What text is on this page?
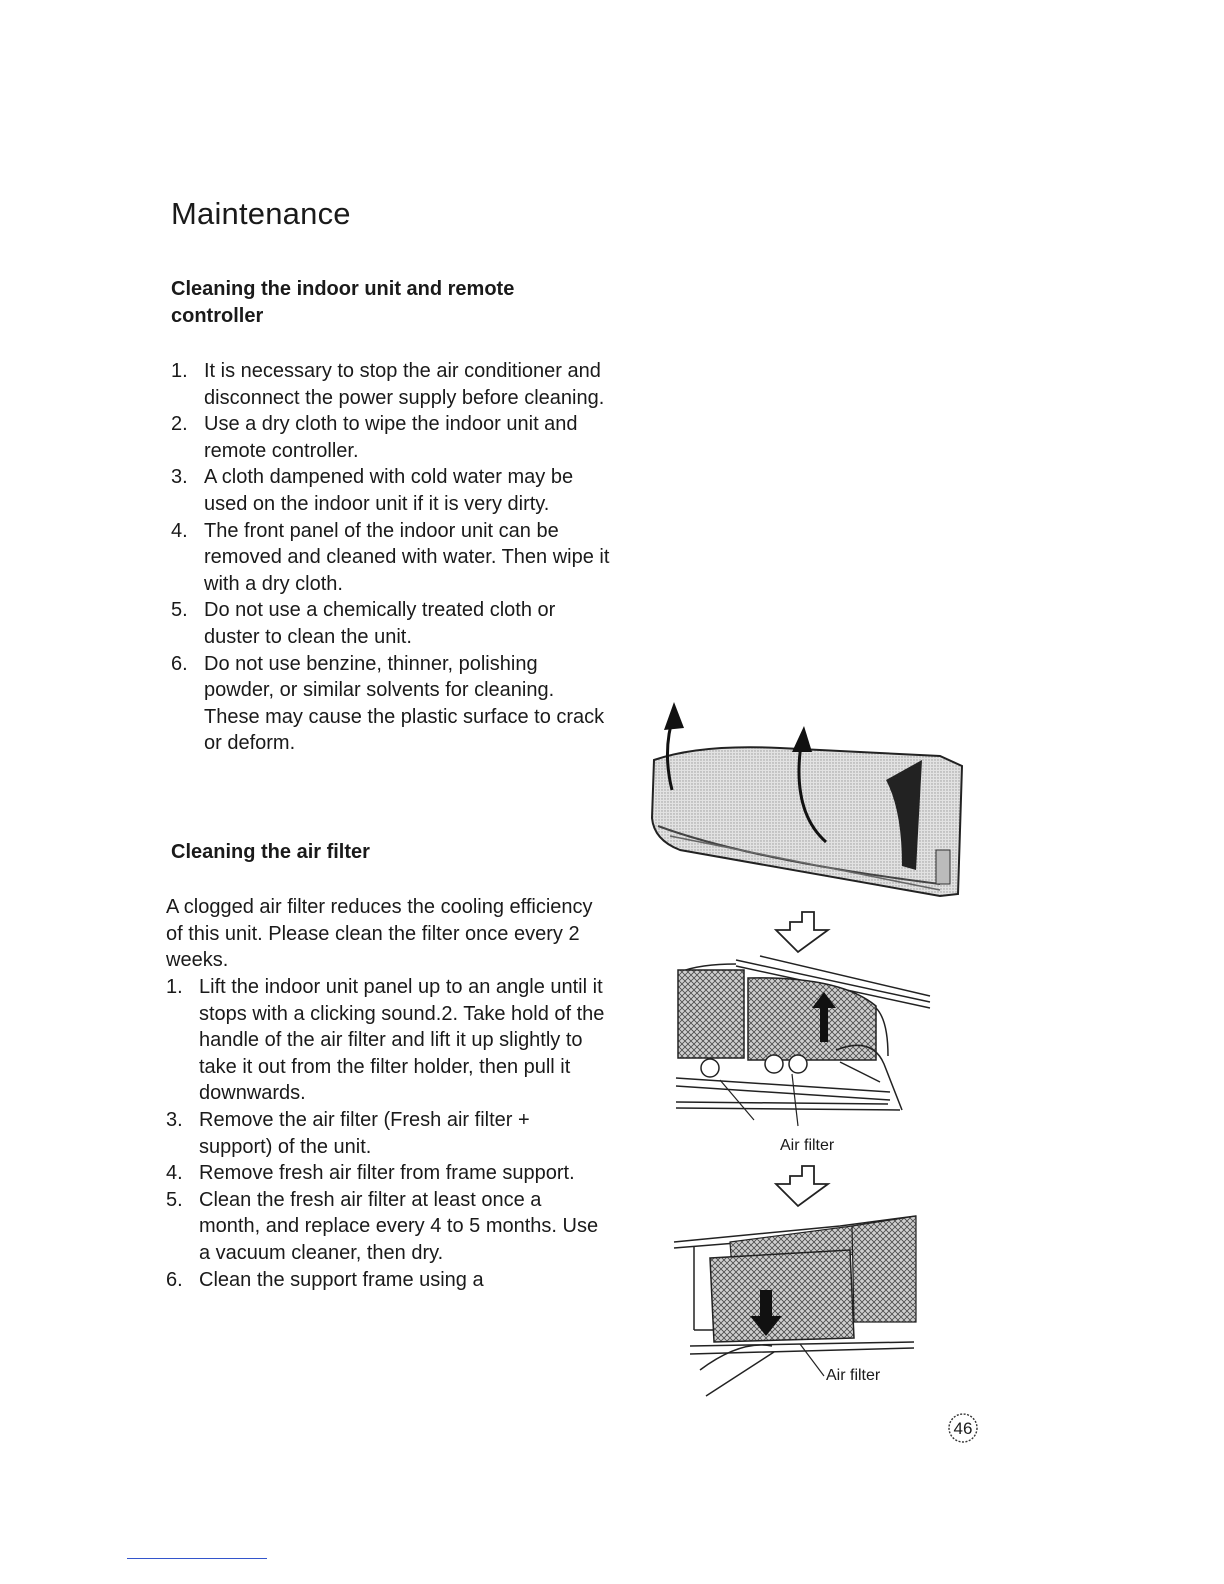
Maintenance
Cleaning the indoor unit and remote controller
1. It is necessary to stop the air conditioner and disconnect the power supply before cleaning.
2. Use a dry cloth to wipe the indoor unit and remote controller.
3. A cloth dampened with cold water may be used on the indoor unit if it is very dirty.
4. The front panel of the indoor unit can be removed and cleaned with water. Then wipe it with a dry cloth.
5. Do not use a chemically treated cloth or duster to clean the unit.
6. Do not use benzine, thinner, polishing powder, or similar solvents for cleaning. These may cause the plastic surface to crack or deform.
Cleaning the air filter

A clogged air filter reduces the cooling efficiency of this unit. Please clean the filter once every 2 weeks.

1. Lift the indoor unit panel up to an angle until it stops with a clicking sound.2. Take hold of the handle of the air filter and lift it up slightly to take it out from the filter holder, then pull it downwards.
3. Remove the air filter (Fresh air filter + support) of the unit.
4. Remove fresh air filter from frame support.
5. Clean the fresh air filter at least once a month, and replace every 4 to 5 months. Use a vacuum cleaner, then dry.
6. Clean the support frame using a
Air filter
Air filter
46
